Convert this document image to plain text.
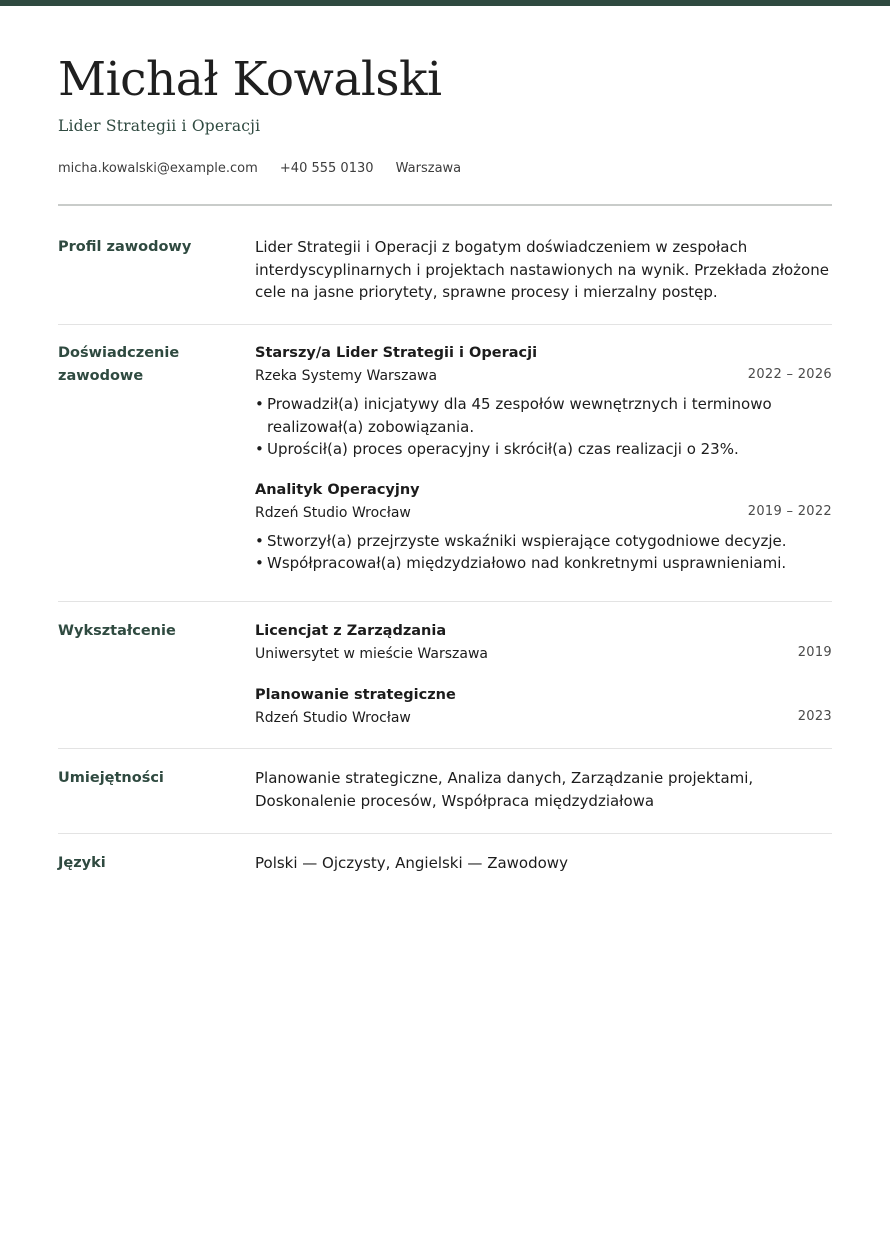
Michał Kowalski
Lider Strategii i Operacji
micha.kowalski@example.com +40 555 0130 Warszawa
Profil zawodowy	Lider Strategii i Operacji z bogatym doświadczeniem w zespołach interdyscyplinarnych i projektach nastawionych na wynik. Przekłada złożone cele na jasne priorytety, sprawne procesy i mierzalny postęp.
Doświadczenie zawodowe
Starszy/a Lider Strategii i Operacji
Rzeka Systemy Warszawa	2022 – 2026
• Prowadził(a) inicjatywy dla 45 zespołów wewnętrznych i terminowo realizował(a) zobowiązania.
• Uprościł(a) proces operacyjny i skrócił(a) czas realizacji o 23%.
Analityk Operacyjny
Rdzeń Studio Wrocław	2019 – 2022
• Stworzył(a) przejrzyste wskaźniki wspierające cotygodniowe decyzje.
• Współpracował(a) międzydziałowo nad konkretnymi usprawnieniami.
Wykształcenie	Licencjat z Zarządzania
Uniwersytet w mieście Warszawa	2019
Planowanie strategiczne
Rdzeń Studio Wrocław	2023
Umiejętności	Planowanie strategiczne, Analiza danych, Zarządzanie projektami, Doskonalenie procesów, Współpraca międzydziałowa
Języki	Polski — Ojczysty, Angielski — Zawodowy
